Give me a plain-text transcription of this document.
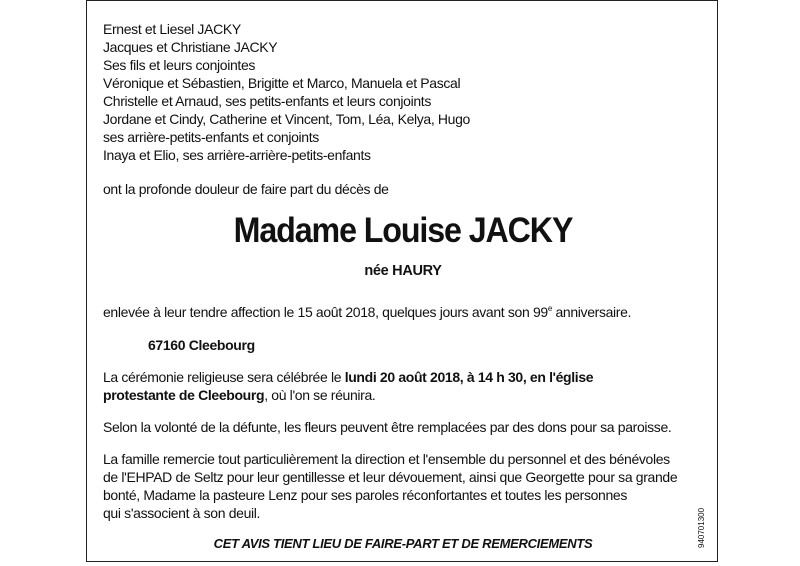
Ernest et Liesel JACKY
Jacques et Christiane JACKY
Ses fils et leurs conjointes
Véronique et Sébastien, Brigitte et Marco, Manuela et Pascal
Christelle et Arnaud, ses petits-enfants et leurs conjoints
Jordane et Cindy, Catherine et Vincent, Tom, Léa, Kelya, Hugo
ses arrière-petits-enfants et conjoints
Inaya et Elio, ses arrière-arrière-petits-enfants
ont la profonde douleur de faire part du décès de
Madame Louise JACKY
née HAURY
enlevée à leur tendre affection le 15 août 2018, quelques jours avant son 99e anniversaire.
67160 Cleebourg
La cérémonie religieuse sera célébrée le lundi 20 août 2018, à 14 h 30, en l'église
protestante de Cleebourg, où l'on se réunira.
Selon la volonté de la défunte, les fleurs peuvent être remplacées par des dons pour sa paroisse.
La famille remercie tout particulièrement la direction et l'ensemble du personnel et des bénévoles
de l'EHPAD de Seltz pour leur gentillesse et leur dévouement, ainsi que Georgette pour sa grande
bonté, Madame la pasteure Lenz pour ses paroles réconfortantes et toutes les personnes
qui s'associent à son deuil.
CET AVIS TIENT LIEU DE FAIRE-PART ET DE REMERCIEMENTS	940701300
